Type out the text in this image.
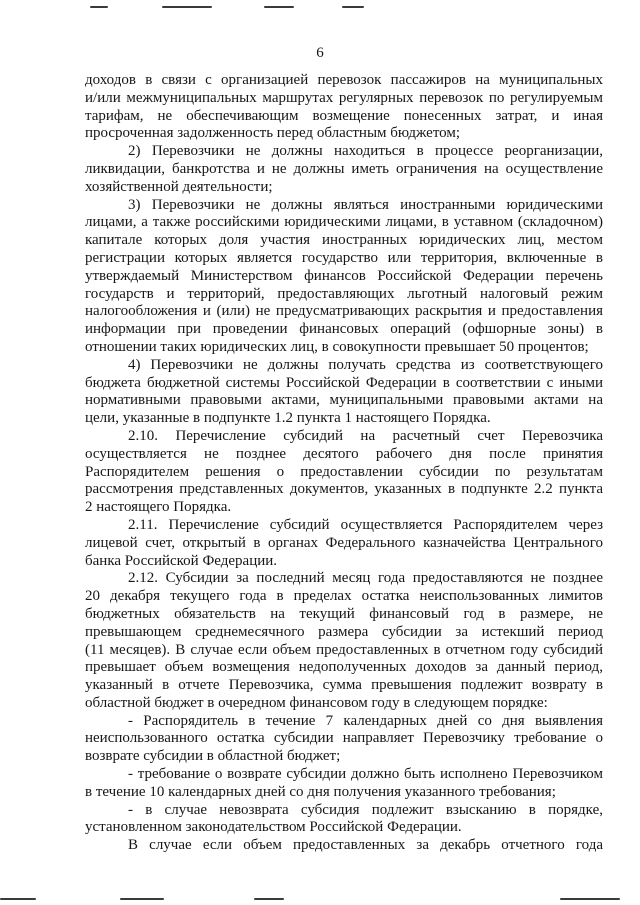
6
доходов в связи с организацией перевозок пассажиров на муниципальных
и/или межмуниципальных маршрутах регулярных перевозок по регулируемым
тарифам, не обеспечивающим возмещение понесенных затрат, и иная
просроченная задолженность перед областным бюджетом;
2) Перевозчики не должны находиться в процессе реорганизации,
ликвидации, банкротства и не должны иметь ограничения на осуществление
хозяйственной деятельности;
3) Перевозчики не должны являться иностранными юридическими
лицами, а также российскими юридическими лицами, в уставном (складочном)
капитале которых доля участия иностранных юридических лиц, местом
регистрации которых является государство или территория, включенные в
утверждаемый Министерством финансов Российской Федерации перечень
государств и территорий, предоставляющих льготный налоговый режим
налогообложения и (или) не предусматривающих раскрытия и предоставления
информации при проведении финансовых операций (офшорные зоны) в
отношении таких юридических лиц, в совокупности превышает 50 процентов;
4) Перевозчики не должны получать средства из соответствующего
бюджета бюджетной системы Российской Федерации в соответствии с иными
нормативными правовыми актами, муниципальными правовыми актами на
цели, указанные в подпункте 1.2 пункта 1 настоящего Порядка.
2.10. Перечисление субсидий на расчетный счет Перевозчика
осуществляется не позднее десятого рабочего дня после принятия
Распорядителем решения о предоставлении субсидии по результатам
рассмотрения представленных документов, указанных в подпункте 2.2 пункта
2 настоящего Порядка.
2.11. Перечисление субсидий осуществляется Распорядителем через
лицевой счет, открытый в органах Федерального казначейства Центрального
банка Российской Федерации.
2.12. Субсидии за последний месяц года предоставляются не позднее
20 декабря текущего года в пределах остатка неиспользованных лимитов
бюджетных обязательств на текущий финансовый год в размере, не
превышающем среднемесячного размера субсидии за истекший период
(11 месяцев). В случае если объем предоставленных в отчетном году субсидий
превышает объем возмещения недополученных доходов за данный период,
указанный в отчете Перевозчика, сумма превышения подлежит возврату в
областной бюджет в очередном финансовом году в следующем порядке:
- Распорядитель в течение 7 календарных дней со дня выявления
неиспользованного остатка субсидии направляет Перевозчику требование о
возврате субсидии в областной бюджет;
- требование о возврате субсидии должно быть исполнено Перевозчиком
в течение 10 календарных дней со дня получения указанного требования;
- в случае невозврата субсидия подлежит взысканию в порядке,
установленном законодательством Российской Федерации.
В случае если объем предоставленных за декабрь отчетного года
